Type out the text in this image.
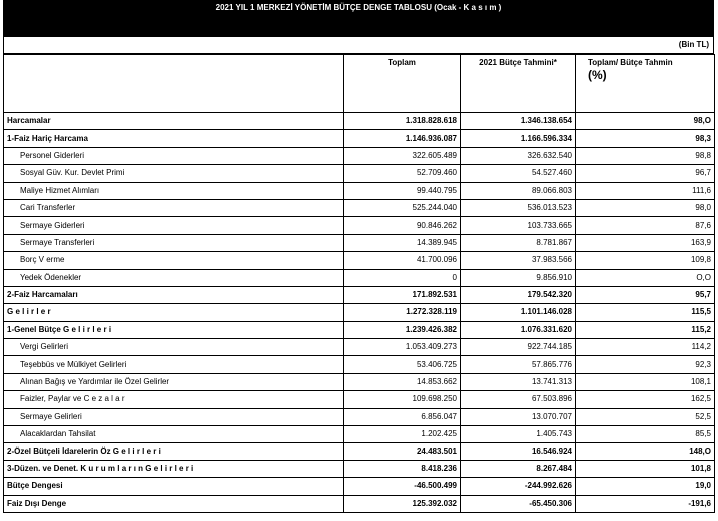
2021 YIL 1 MERKEZİ YÖNETİM BÜTÇE DENGE TABLOSU (Ocak - K a s ı m )
(Bin TL)
	Toplam	2021 Bütçe Tahmini*	Toplam/ Bütçe Tahmin
(%)

Harcamalar	1.318.828.618	1.346.138.654	98,O
1-Faiz Hariç Harcama	1.146.936.087	1.166.596.334	98,3
Personel Giderleri	322.605.489	326.632.540	98,8
Sosyal Güv. Kur. Devlet Primi	52.709.460	54.527.460	96,7
Maliye Hizmet Alımları	99.440.795	89.066.803	111,6
Cari Transferler	525.244.040	536.013.523	98,0
Sermaye Giderleri	90.846.262	103.733.665	87,6
Sermaye Transferleri	14.389.945	8.781.867	163,9
Borç V erme	41.700.096	37.983.566	109,8
Yedek Ödenekler	0	9.856.910	O,O
2-Faiz Harcamaları	171.892.531	179.542.320	95,7
G e l i r l e r	1.272.328.119	1.101.146.028	115,5
1-Genel Bütçe G e l i r l e r i	1.239.426.382	1.076.331.620	115,2
Vergi Gelirleri	1.053.409.273	922.744.185	114,2
Teşebbüs ve Mülkiyet Gelirleri	53.406.725	57.865.776	92,3
Alınan Bağış ve Yardımlar ile Özel Gelirler	14.853.662	13.741.313	108,1
Faizler, Paylar ve C e z a l a r	109.698.250	67.503.896	162,5
Sermaye Gelirleri	6.856.047	13.070.707	52,5
Alacaklardan Tahsilat	1.202.425	1.405.743	85,5
2-Özel Bütçeli İdarelerin Öz G e l i r l e r i	24.483.501	16.546.924	148,O
3-Düzen. ve Denet. K u r u m l a r ı n G e l i r l e r i	8.418.236	8.267.484	101,8
Bütçe Dengesi	-46.500.499	-244.992.626	19,0
Faiz Dışı Denge	125.392.032	-65.450.306	-191,6
